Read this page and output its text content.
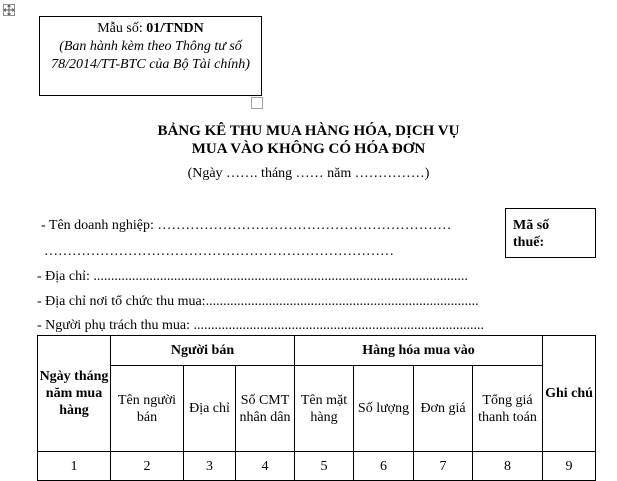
Mẫu số: 01/TNDN
(Ban hành kèm theo Thông tư số 78/2014/TT-BTC của Bộ Tài chính)
BẢNG KÊ THU MUA HÀNG HÓA, DỊCH VỤ
MUA VÀO KHÔNG CÓ HÓA ĐƠN
(Ngày ……. tháng …… năm ……………)
- Tên doanh nghiệp: ………………………………………………………
…………………………………………………………………
Mã số
thuế:
- Địa chỉ: ...........................................................................................................
- Địa chỉ nơi tổ chức thu mua:..............................................................................
- Người phụ trách thu mua: ...................................................................................
Ngày tháng năm mua hàng	Người bán			Hàng hóa mua vào				Ghi chú
	Tên người bán	Địa chỉ	Số CMT nhân dân	Tên mặt hàng	Số lượng	Đơn giá	Tổng giá thanh toán	
1	2	3	4	5	6	7	8	9
